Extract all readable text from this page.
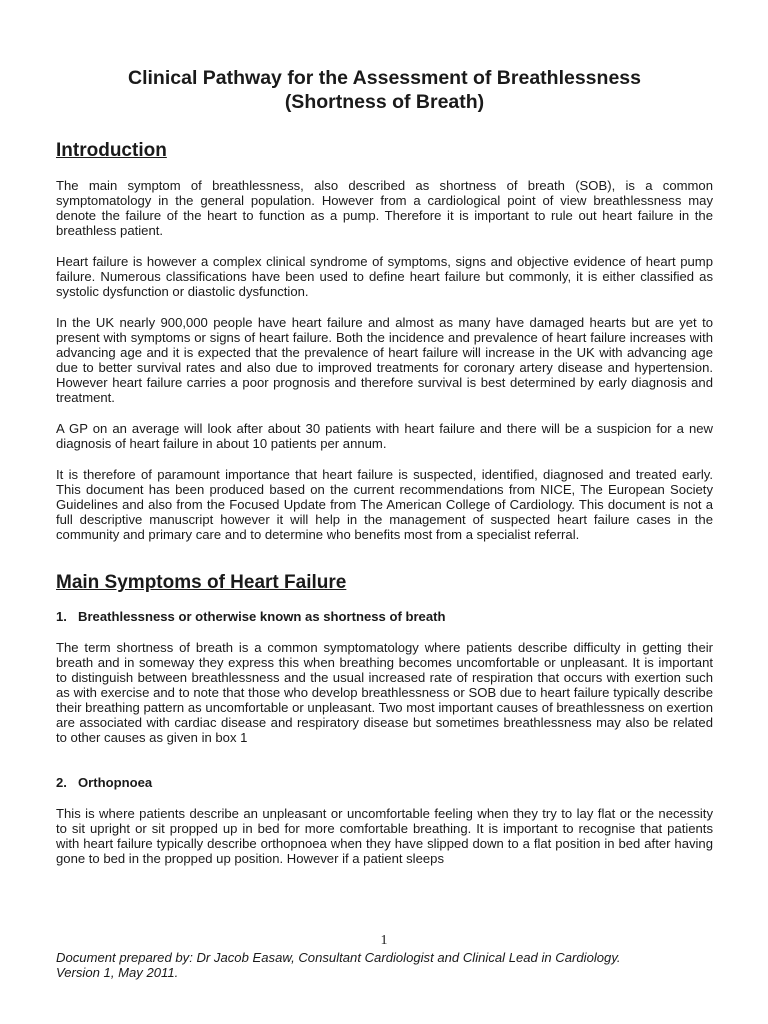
Clinical Pathway for the Assessment of Breathlessness
(Shortness of Breath)
Introduction

The main symptom of breathlessness, also described as shortness of breath (SOB), is a common symptomatology in the general population. However from a cardiological point of view breathlessness may denote the failure of the heart to function as a pump. Therefore it is important to rule out heart failure in the breathless patient.

Heart failure is however a complex clinical syndrome of symptoms, signs and objective evidence of heart pump failure. Numerous classifications have been used to define heart failure but commonly, it is either classified as systolic dysfunction or diastolic dysfunction.

In the UK nearly 900,000 people have heart failure and almost as many have damaged hearts but are yet to present with symptoms or signs of heart failure. Both the incidence and prevalence of heart failure increases with advancing age and it is expected that the prevalence of heart failure will increase in the UK with advancing age due to better survival rates and also due to improved treatments for coronary artery disease and hypertension. However heart failure carries a poor prognosis and therefore survival is best determined by early diagnosis and treatment.

A GP on an average will look after about 30 patients with heart failure and there will be a suspicion for a new diagnosis of heart failure in about 10 patients per annum.

It is therefore of paramount importance that heart failure is suspected, identified, diagnosed and treated early. This document has been produced based on the current recommendations from NICE, The European Society Guidelines and also from the Focused Update from The American College of Cardiology. This document is not a full descriptive manuscript however it will help in the management of suspected heart failure cases in the community and primary care and to determine who benefits most from a specialist referral.

Main Symptoms of Heart Failure
1. Breathlessness or otherwise known as shortness of breath

The term shortness of breath is a common symptomatology where patients describe difficulty in getting their breath and in someway they express this when breathing becomes uncomfortable or unpleasant. It is important to distinguish between breathlessness and the usual increased rate of respiration that occurs with exertion such as with exercise and to note that those who develop breathlessness or SOB due to heart failure typically describe their breathing pattern as uncomfortable or unpleasant. Two most important causes of breathlessness on exertion are associated with cardiac disease and respiratory disease but sometimes breathlessness may also be related to other causes as given in box 1

2. Orthopnoea

This is where patients describe an unpleasant or uncomfortable feeling when they try to lay flat or the necessity to sit upright or sit propped up in bed for more comfortable breathing. It is important to recognise that patients with heart failure typically describe orthopnoea when they have slipped down to a flat position in bed after having gone to bed in the propped up position. However if a patient sleeps

1
Document prepared by: Dr Jacob Easaw, Consultant Cardiologist and Clinical Lead in Cardiology.
Version 1, May 2011.
